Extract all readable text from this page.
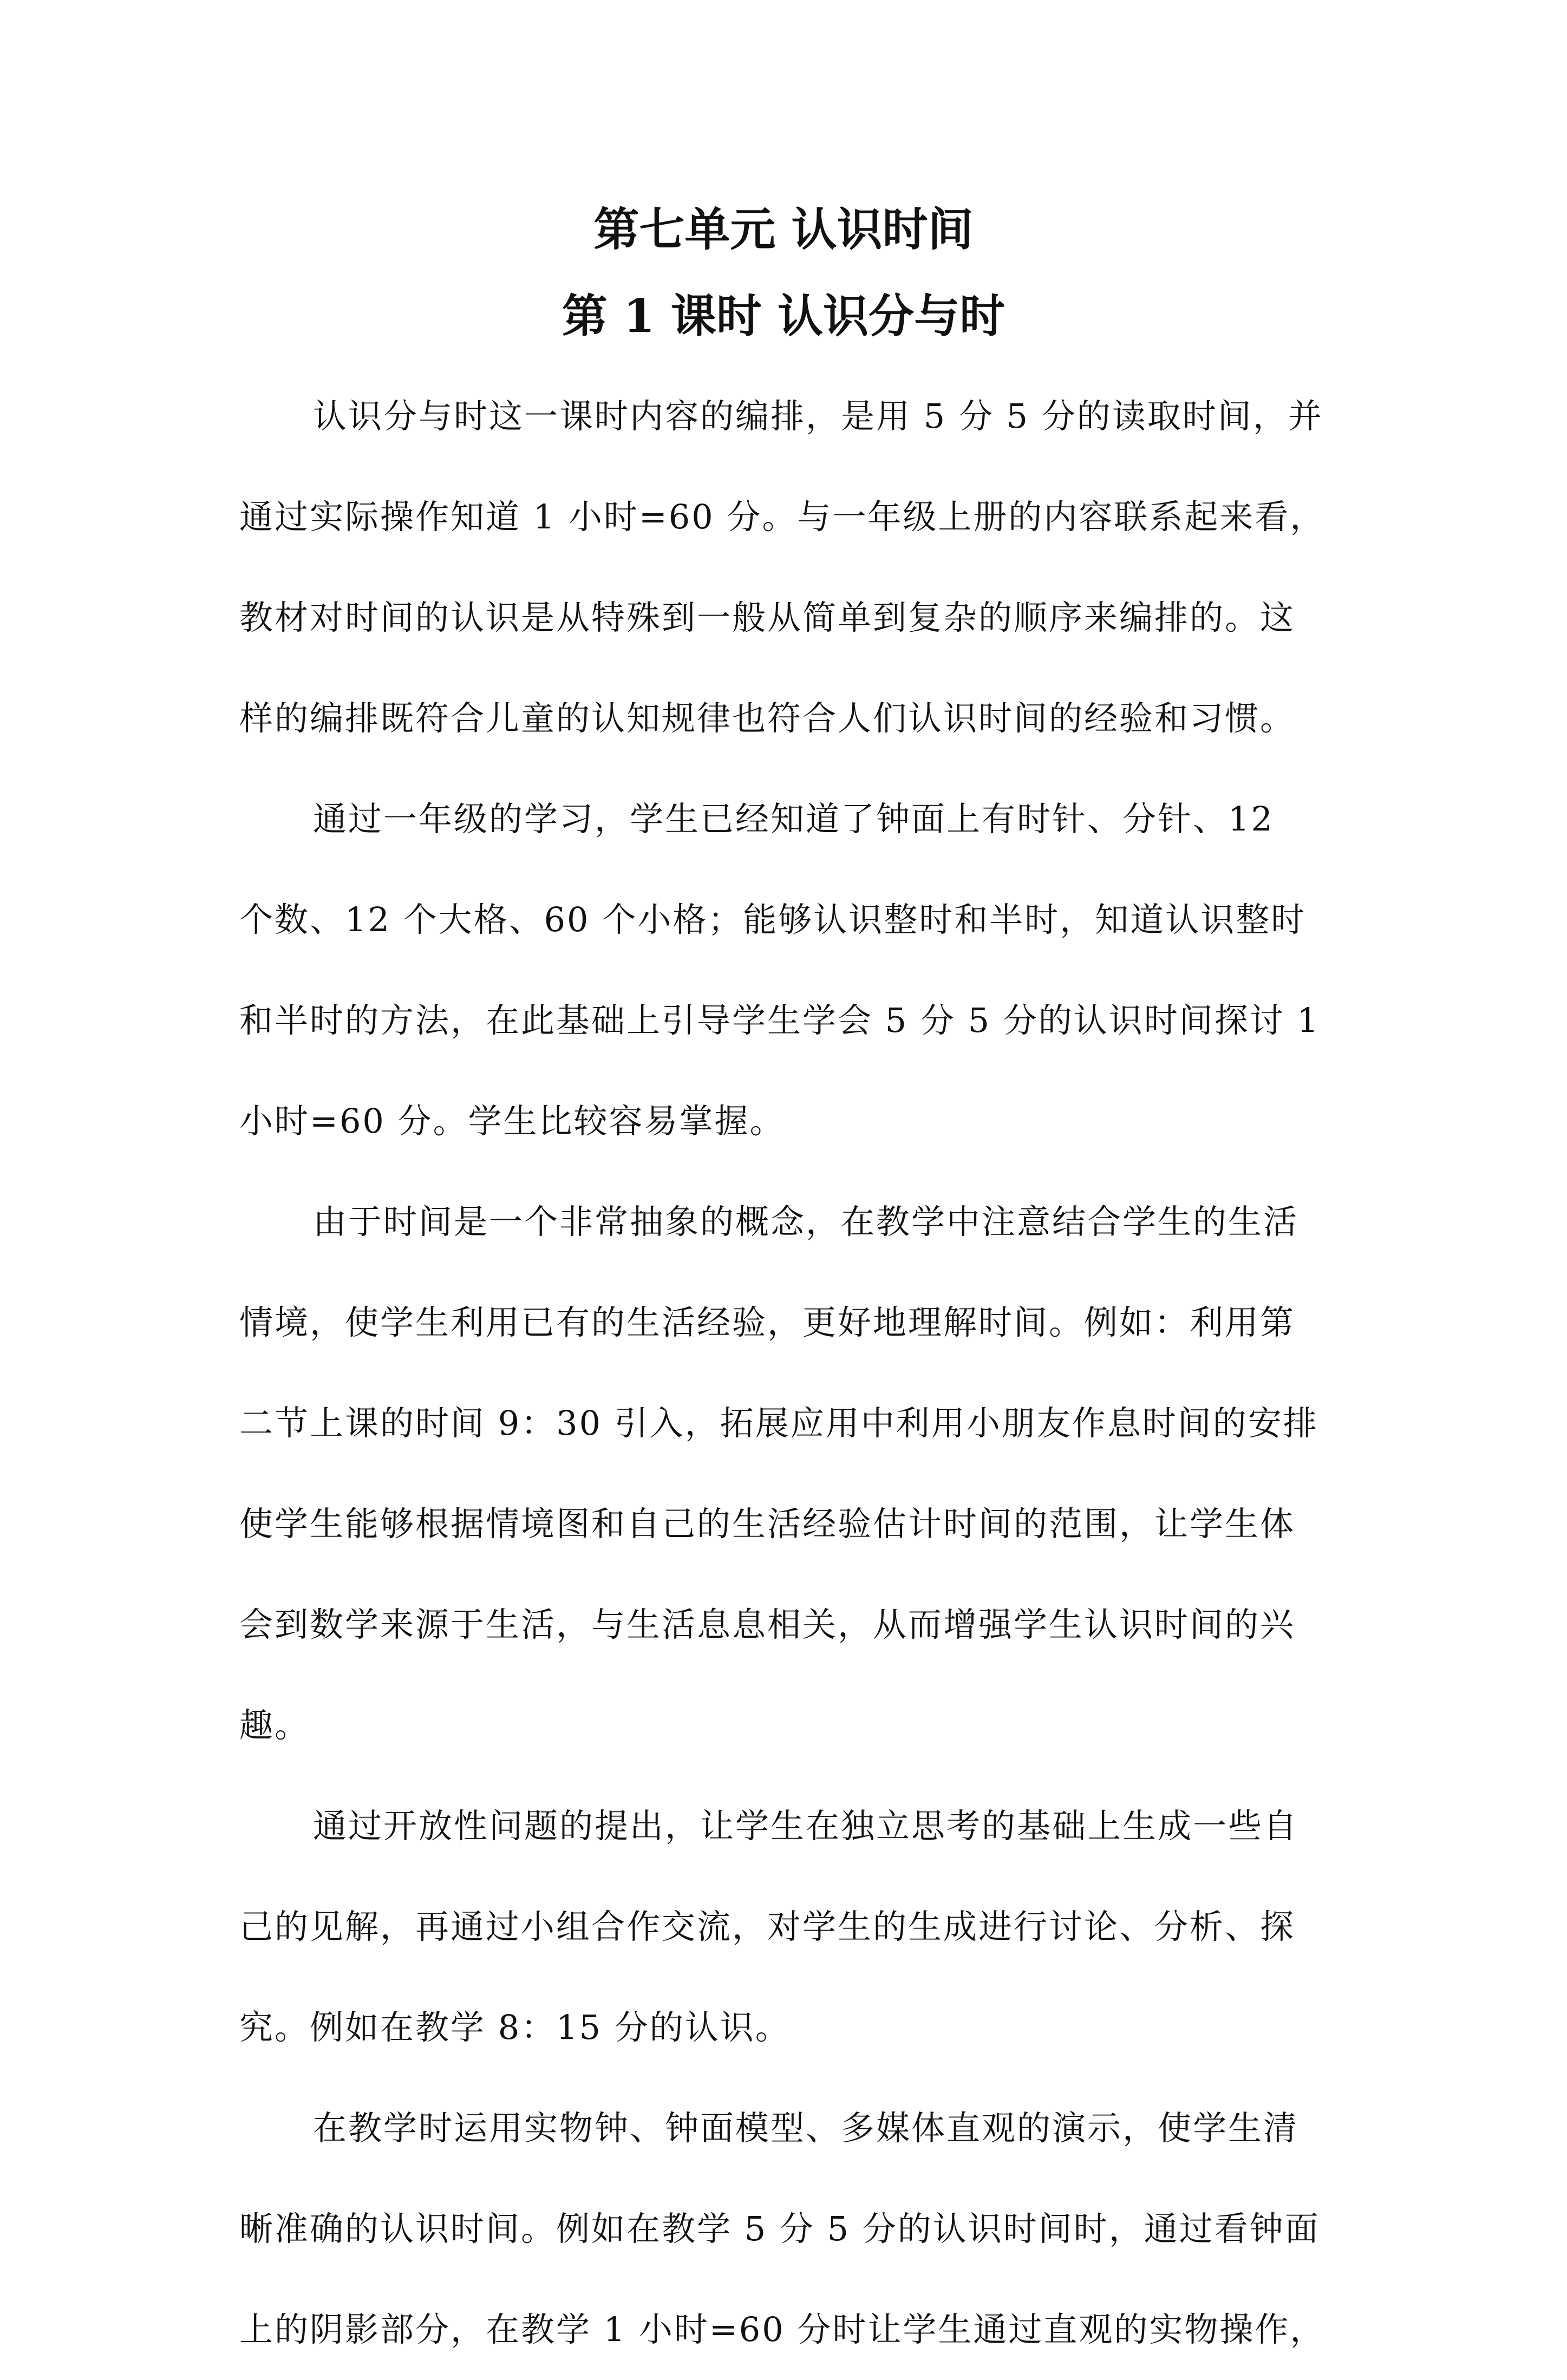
第七单元 认识时间
第 1 课时 认识分与时

认识分与时这一课时内容的编排，是用 5 分 5 分的读取时间，并
通过实际操作知道 1 小时=60 分。与一年级上册的内容联系起来看，
教材对时间的认识是从特殊到一般从简单到复杂的顺序来编排的。这
样的编排既符合儿童的认知规律也符合人们认识时间的经验和习惯。

通过一年级的学习，学生已经知道了钟面上有时针、分针、12
个数、12 个大格、60 个小格；能够认识整时和半时，知道认识整时
和半时的方法，在此基础上引导学生学会 5 分 5 分的认识时间探讨 1
小时=60 分。学生比较容易掌握。

由于时间是一个非常抽象的概念，在教学中注意结合学生的生活
情境，使学生利用已有的生活经验，更好地理解时间。例如：利用第
二节上课的时间 9：30 引入，拓展应用中利用小朋友作息时间的安排
使学生能够根据情境图和自己的生活经验估计时间的范围，让学生体
会到数学来源于生活，与生活息息相关，从而增强学生认识时间的兴
趣。

通过开放性问题的提出，让学生在独立思考的基础上生成一些自
己的见解，再通过小组合作交流，对学生的生成进行讨论、分析、探
究。例如在教学 8：15 分的认识。

在教学时运用实物钟、钟面模型、多媒体直观的演示，使学生清
晰准确的认识时间。例如在教学 5 分 5 分的认识时间时，通过看钟面
上的阴影部分，在教学 1 小时=60 分时让学生通过直观的实物操作，
